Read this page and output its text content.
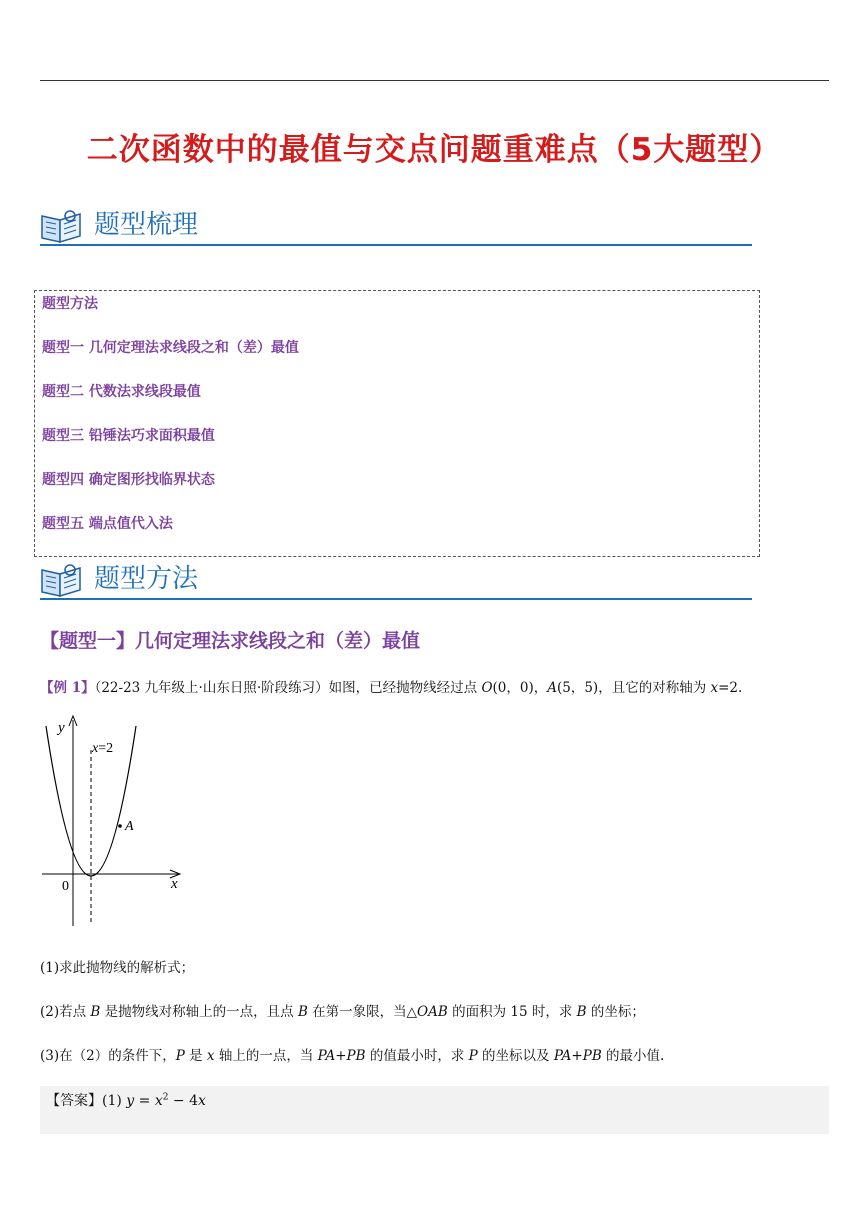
二次函数中的最值与交点问题重难点（5大题型）
题型梳理
题型方法
题型一 几何定理法求线段之和（差）最值
题型二 代数法求线段最值
题型三 铅锤法巧求面积最值
题型四 确定图形找临界状态
题型五 端点值代入法
题型方法
【题型一】几何定理法求线段之和（差）最值
【例 1】（22-23 九年级上·山东日照·阶段练习）如图，已经抛物线经过点 O(0，0)，A(5，5)，且它的对称轴为 x=2.
A
y
x
0
x=2
(1)求此抛物线的解析式；
(2)若点 B 是抛物线对称轴上的一点，且点 B 在第一象限，当△OAB 的面积为 15 时，求 B 的坐标；
(3)在（2）的条件下，P 是 x 轴上的一点，当 PA+PB 的值最小时，求 P 的坐标以及 PA+PB 的最小值.
【答案】(1) $y = x^2 - 4x$
